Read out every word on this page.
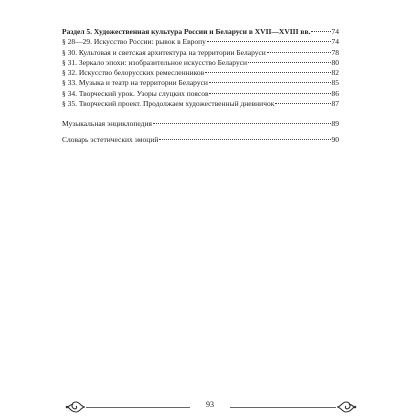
Раздел 5. Художественная культура России и Беларуси в XVII—XVIII вв.	74
§ 28—29. Искусство России: рывок в Европу	74
§ 30. Культовая и светская архитектура на территории Беларуси	78
§ 31. Зеркало эпохи: изобразительное искусство Беларуси	80
§ 32. Искусство белорусских ремесленников	82
§ 33. Музыка и театр на территории Беларуси	85
§ 34. Творческий урок. Узоры слуцких поясов	86
§ 35. Творческий проект. Продолжаем художественный дневничок	87
Музыкальная энциклопедия	89
Словарь эстетических эмоций	90
93
